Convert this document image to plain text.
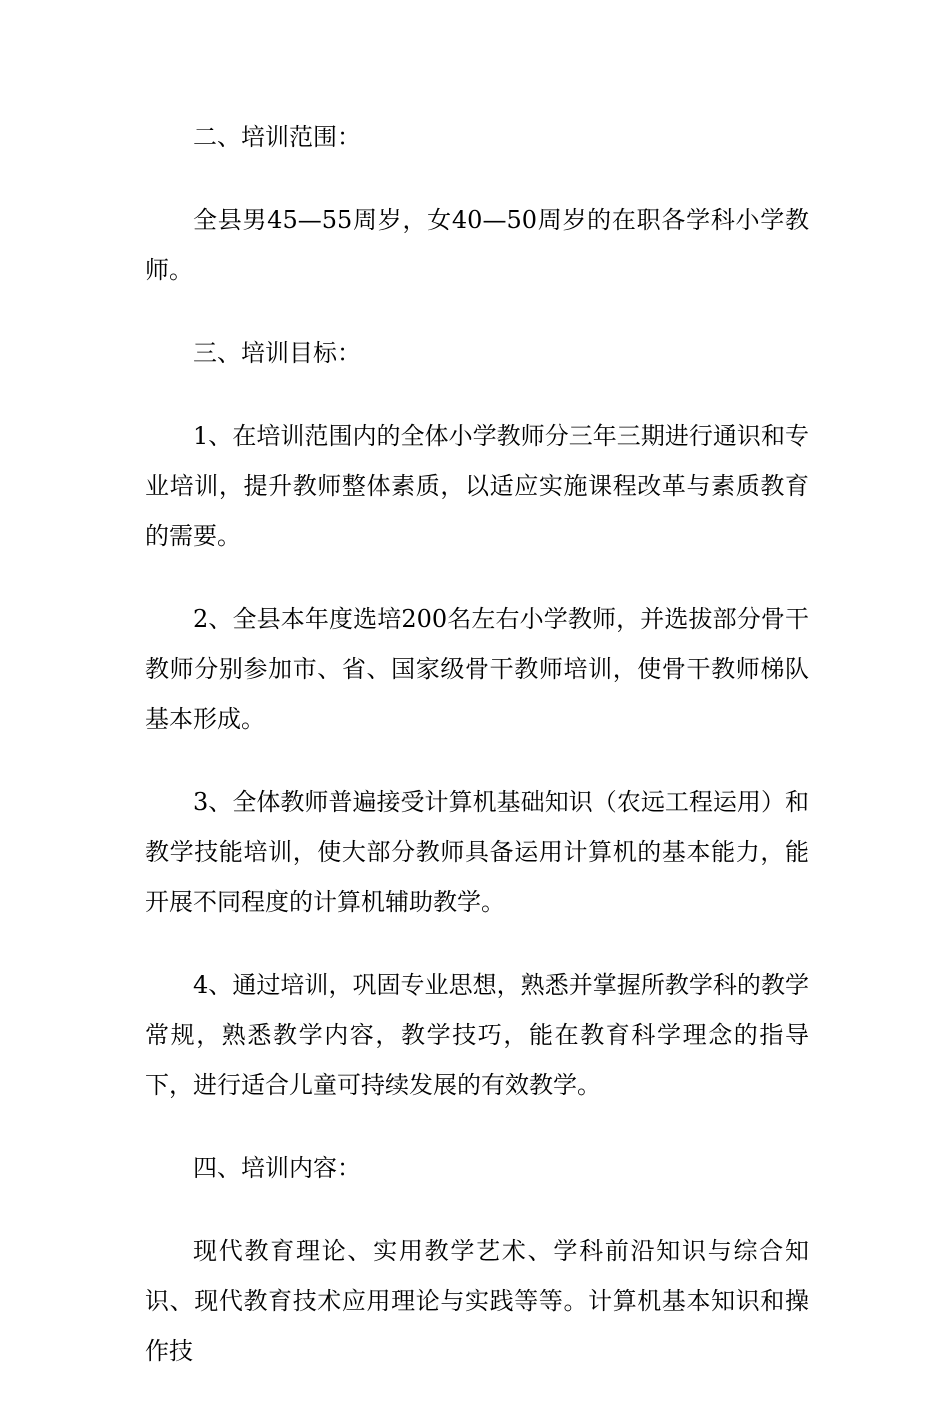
二、培训范围：

全县男45—55周岁，女40—50周岁的在职各学科小学教师。

三、培训目标：

1、在培训范围内的全体小学教师分三年三期进行通识和专业培训，提升教师整体素质，以适应实施课程改革与素质教育的需要。

2、全县本年度选培200名左右小学教师，并选拔部分骨干教师分别参加市、省、国家级骨干教师培训，使骨干教师梯队基本形成。

3、全体教师普遍接受计算机基础知识（农远工程运用）和教学技能培训，使大部分教师具备运用计算机的基本能力，能开展不同程度的计算机辅助教学。

4、通过培训，巩固专业思想，熟悉并掌握所教学科的教学常规，熟悉教学内容，教学技巧，能在教育科学理念的指导下，进行适合儿童可持续发展的有效教学。

四、培训内容：

现代教育理论、实用教学艺术、学科前沿知识与综合知识、现代教育技术应用理论与实践等等。计算机基本知识和操作技
